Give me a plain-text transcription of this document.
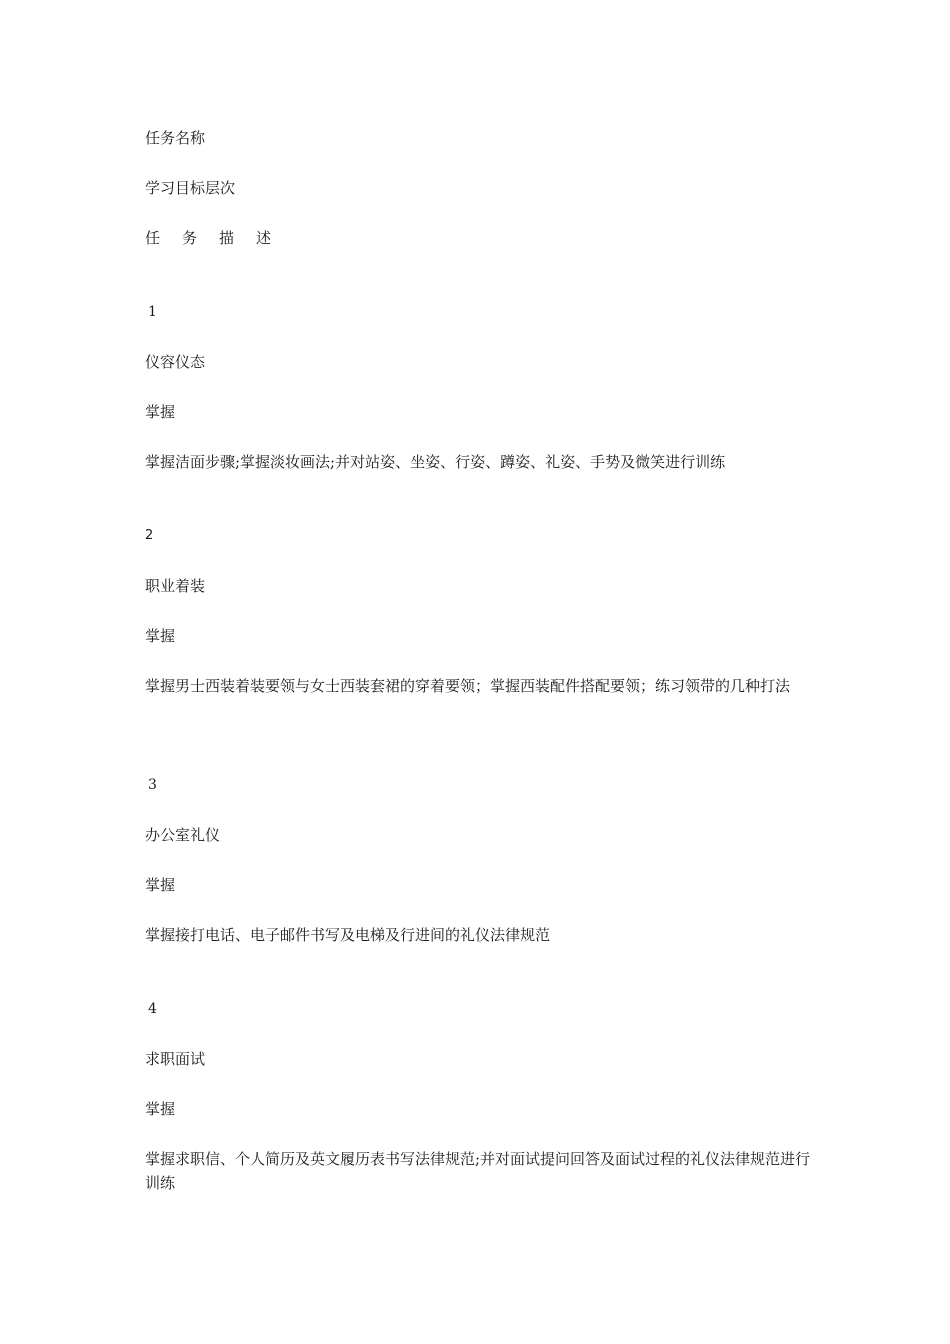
任务名称
学习目标层次
任 务 描 述
1
仪容仪态
掌握
掌握洁面步骤;掌握淡妆画法;并对站姿、坐姿、行姿、蹲姿、礼姿、手势及微笑进行训练
2
职业着装
掌握
掌握男士西装着装要领与女士西装套裙的穿着要领；掌握西装配件搭配要领；练习领带的几种打法
3
办公室礼仪
掌握
掌握接打电话、电子邮件书写及电梯及行进间的礼仪法律规范
4
求职面试
掌握
掌握求职信、个人简历及英文履历表书写法律规范;并对面试提问回答及面试过程的礼仪法律规范进行训练
